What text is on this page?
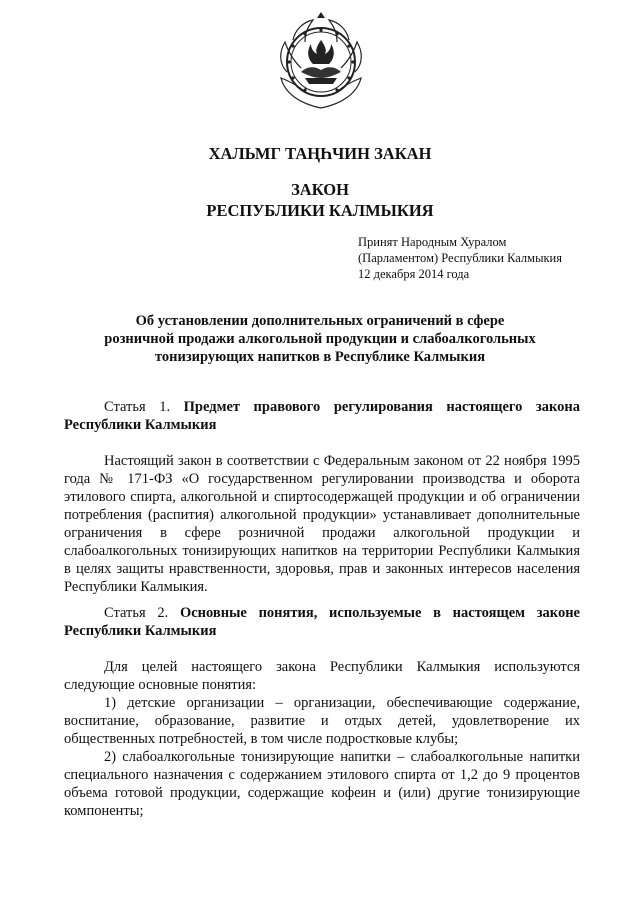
ХАЛЬМГ ТАҢҺЧИН ЗАКАН
ЗАКОН
РЕСПУБЛИКИ КАЛМЫКИЯ
Принят Народным Хуралом
(Парламентом) Республики Калмыкия
12 декабря 2014 года
Об установлении дополнительных ограничений в сфере
розничной продажи алкогольной продукции и слабоалкогольных
тонизирующих напитков в Республике Калмыкия

Статья 1. Предмет правового регулирования настоящего закона Республики Калмыкия

Настоящий закон в соответствии с Федеральным законом от 22 ноября 1995 года № 171-ФЗ «О государственном регулировании производства и оборота этилового спирта, алкогольной и спиртосодержащей продукции и об ограничении потребления (распития) алкогольной продукции» устанавливает дополнительные ограничения в сфере розничной продажи алкогольной продукции и слабоалкогольных тонизирующих напитков на территории Республики Калмыкия в целях защиты нравственности, здоровья, прав и законных интересов населения Республики Калмыкия.

Статья 2. Основные понятия, используемые в настоящем законе Республики Калмыкия

Для целей настоящего закона Республики Калмыкия используются следующие основные понятия:

1) детские организации – организации, обеспечивающие содержание, воспитание, образование, развитие и отдых детей, удовлетворение их общественных потребностей, в том числе подростковые клубы;

2) слабоалкогольные тонизирующие напитки – слабоалкогольные напитки специального назначения с содержанием этилового спирта от 1,2 до 9 процентов объема готовой продукции, содержащие кофеин и (или) другие тонизирующие компоненты;
